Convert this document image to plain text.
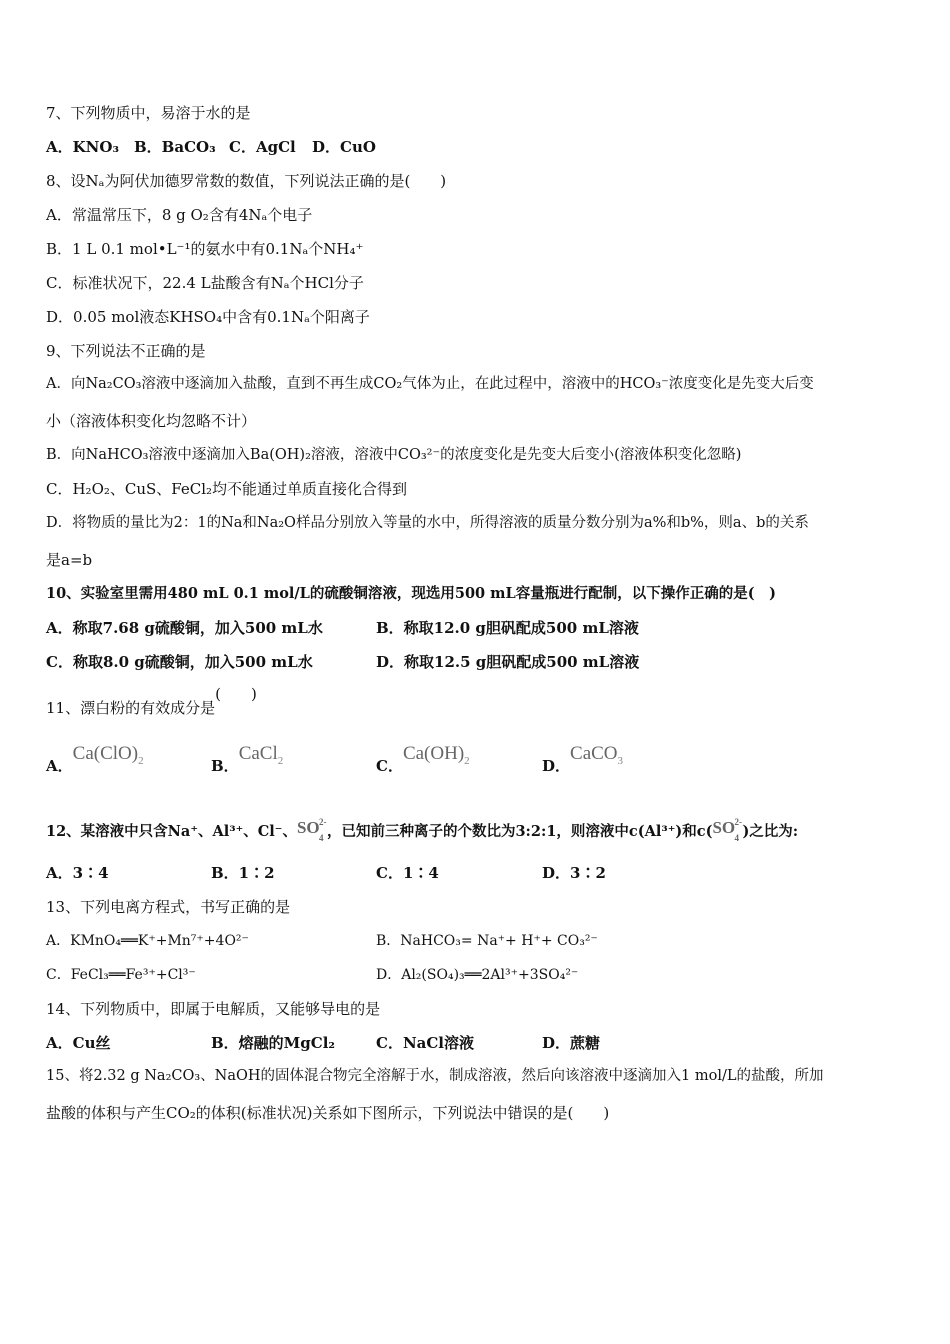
7、下列物质中，易溶于水的是
A．KNO₃ B．BaCO₃ C．AgCl D．CuO
8、设Nₐ为阿伏加德罗常数的数值，下列说法正确的是(　　)
A．常温常压下，8 g O₂含有4Nₐ个电子
B．1 L 0.1 mol•L⁻¹的氨水中有0.1Nₐ个NH₄⁺
C．标准状况下，22.4 L盐酸含有Nₐ个HCl分子
D．0.05 mol液态KHSO₄中含有0.1Nₐ个阳离子
9、下列说法不正确的是
A．向Na₂CO₃溶液中逐滴加入盐酸，直到不再生成CO₂气体为止，在此过程中，溶液中的HCO₃⁻浓度变化是先变大后变
小（溶液体积变化均忽略不计）
B．向NaHCO₃溶液中逐滴加入Ba(OH)₂溶液，溶液中CO₃²⁻的浓度变化是先变大后变小(溶液体积变化忽略)
C．H₂O₂、CuS、FeCl₂均不能通过单质直接化合得到
D．将物质的量比为2：1的Na和Na₂O样品分别放入等量的水中，所得溶液的质量分数分别为a%和b%，则a、b的关系
是a=b
10、实验室里需用480 mL 0.1 mol/L的硫酸铜溶液，现选用500 mL容量瓶进行配制，以下操作正确的是(　)
A．称取7.68 g硫酸铜，加入500 mL水	B．称取12.0 g胆矾配成500 mL溶液
C．称取8.0 g硫酸铜，加入500 mL水	D．称取12.5 g胆矾配成500 mL溶液
11、漂白粉的有效成分是(　　)
A．$Ca(ClO)_2$	B．CaCl$_2$	C．$Ca(OH)_2$	D．CaCO$_3$
12、某溶液中只含Na⁺、Al³⁺、Cl⁻、 SO 2-
4 ，已知前三种离子的个数比为3:2:1，则溶液中c(Al³⁺)和c( SO 2-
4 )之比为:
A．3∶4	B．1∶2	C．1∶4	D．3∶2
13、下列电离方程式，书写正确的是
A．KMnO₄══K⁺+Mn⁷⁺+4O²⁻	B．NaHCO₃= Na⁺+ H⁺+ CO₃²⁻
C．FeCl₃══Fe³⁺+Cl³⁻	D．Al₂(SO₄)₃══2Al³⁺+3SO₄²⁻
14、下列物质中，即属于电解质，又能够导电的是
A．Cu丝	B．熔融的MgCl₂	C．NaCl溶液	D．蔗糖
15、将2.32 g Na₂CO₃、NaOH的固体混合物完全溶解于水，制成溶液，然后向该溶液中逐滴加入1 mol/L的盐酸，所加
盐酸的体积与产生CO₂的体积(标准状况)关系如下图所示，下列说法中错误的是(　　)
